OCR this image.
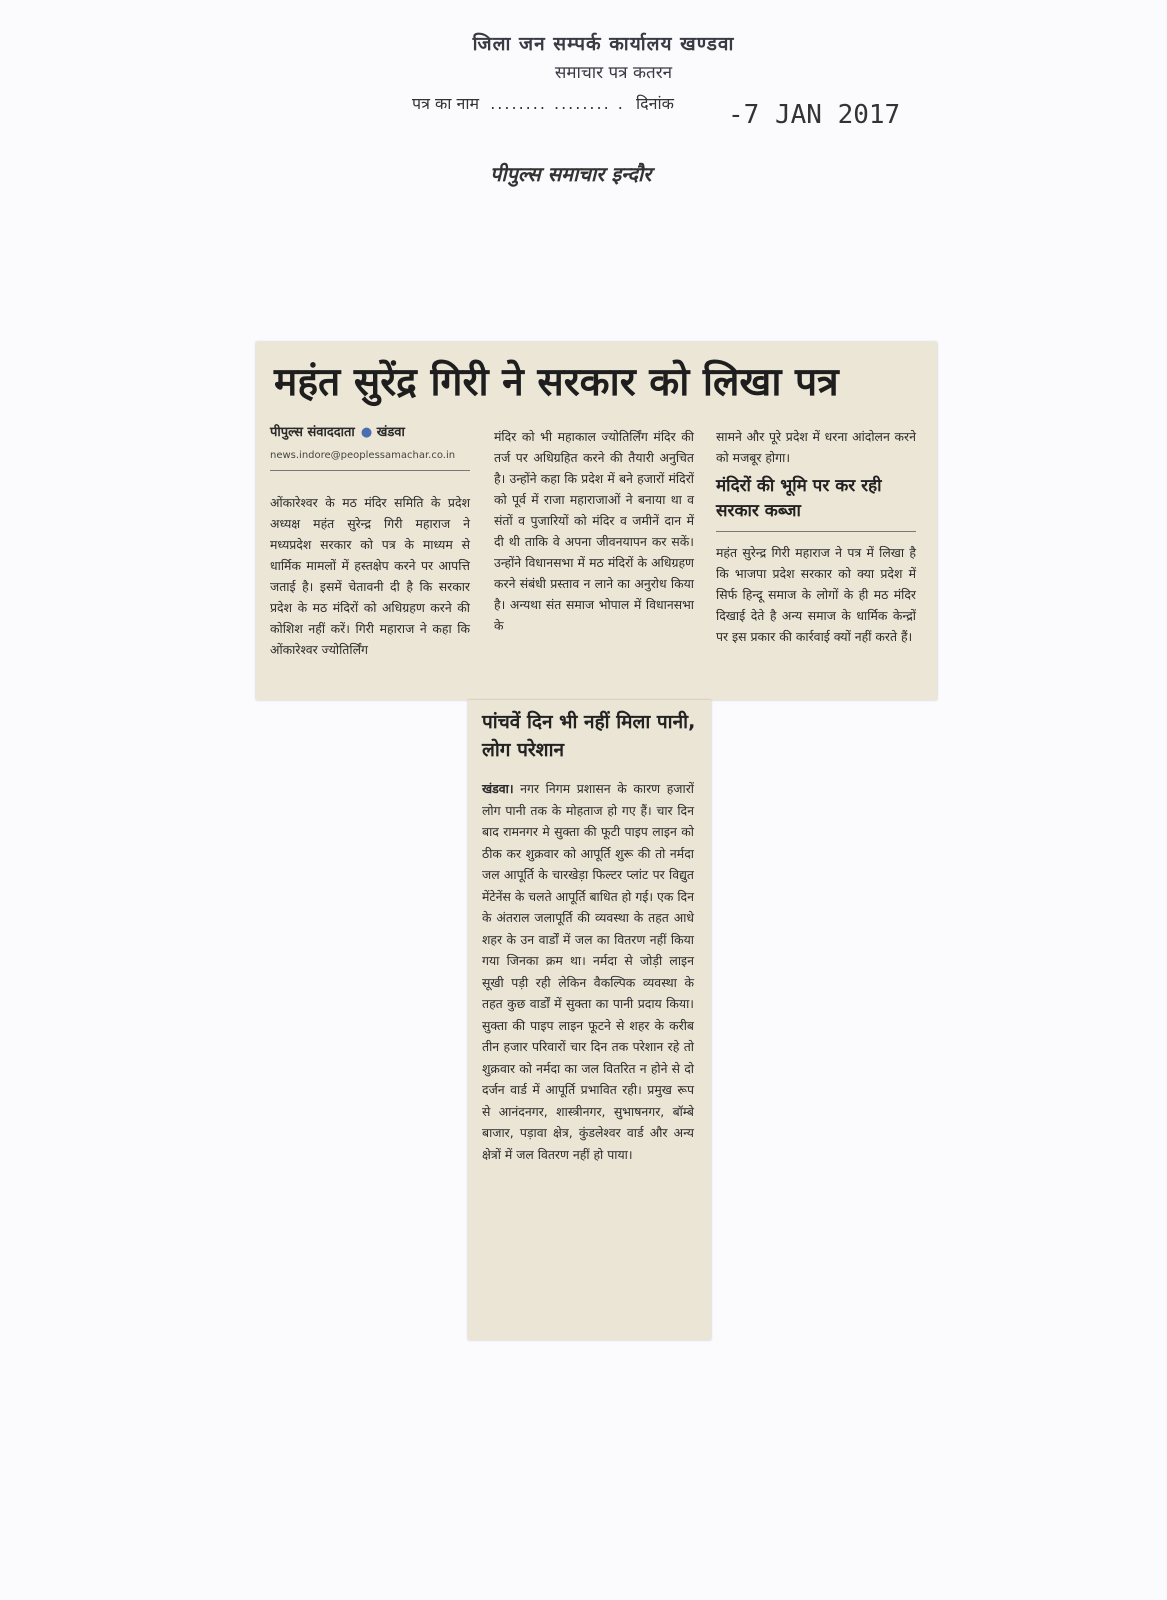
जिला जन सम्पर्क कार्यालय खण्डवा
समाचार पत्र कतरन
पत्र का नाम ........ ........ . दिनांक -7 JAN 2017
पीपुल्स समाचार इन्दौर
महंत सुरेंद्र गिरी ने सरकार को लिखा पत्र
पीपुल्स संवाददाता ● खंडवा
news.indore@peoplessamachar.co.in
ओंकारेश्वर के मठ मंदिर समिति के प्रदेश अध्यक्ष महंत सुरेन्द्र गिरी महाराज ने मध्यप्रदेश सरकार को पत्र के माध्यम से धार्मिक मामलों में हस्तक्षेप करने पर आपत्ति जताई है। इसमें चेतावनी दी है कि सरकार प्रदेश के मठ मंदिरों को अधिग्रहण करने की कोशिश नहीं करें। गिरी महाराज ने कहा कि ओंकारेश्वर ज्योतिर्लिंग
मंदिर को भी महाकाल ज्योतिर्लिंग मंदिर की तर्ज पर अधिग्रहित करने की तैयारी अनुचित है। उन्होंने कहा कि प्रदेश में बने हजारों मंदिरों को पूर्व में राजा महाराजाओं ने बनाया था व संतों व पुजारियों को मंदिर व जमीनें दान में दी थी ताकि वे अपना जीवनयापन कर सकें। उन्होंने विधानसभा में मठ मंदिरों के अधिग्रहण करने संबंधी प्रस्ताव न लाने का अनुरोध किया है। अन्यथा संत समाज भोपाल में विधानसभा के
सामने और पूरे प्रदेश में धरना आंदोलन करने को मजबूर होगा।
मंदिरों की भूमि पर कर रही सरकार कब्जा
महंत सुरेन्द्र गिरी महाराज ने पत्र में लिखा है कि भाजपा प्रदेश सरकार को क्या प्रदेश में सिर्फ हिन्दू समाज के लोगों के ही मठ मंदिर दिखाई देते है अन्य समाज के धार्मिक केन्द्रों पर इस प्रकार की कार्रवाई क्यों नहीं करते हैं।
पांचवें दिन भी नहीं मिला पानी, लोग परेशान
खंडवा। नगर निगम प्रशासन के कारण हजारों लोग पानी तक के मोहताज हो गए हैं। चार दिन बाद रामनगर मे सुक्ता की फूटी पाइप लाइन को ठीक कर शुक्रवार को आपूर्ति शुरू की तो नर्मदा जल आपूर्ति के चारखेड़ा फिल्टर प्लांट पर विद्युत मेंटेनेंस के चलते आपूर्ति बाधित हो गई। एक दिन के अंतराल जलापूर्ति की व्यवस्था के तहत आधे शहर के उन वार्डों में जल का वितरण नहीं किया गया जिनका क्रम था। नर्मदा से जोड़ी लाइन सूखी पड़ी रही लेकिन वैकल्पिक व्यवस्था के तहत कुछ वार्डों में सुक्ता का पानी प्रदाय किया। सुक्ता की पाइप लाइन फूटने से शहर के करीब तीन हजार परिवारों चार दिन तक परेशान रहे तो शुक्रवार को नर्मदा का जल वितरित न होने से दो दर्जन वार्ड में आपूर्ति प्रभावित रही। प्रमुख रूप से आनंदनगर, शास्त्रीनगर, सुभाषनगर, बॉम्बे बाजार, पड़ावा क्षेत्र, कुंडलेश्वर वार्ड और अन्य क्षेत्रों में जल वितरण नहीं हो पाया।
